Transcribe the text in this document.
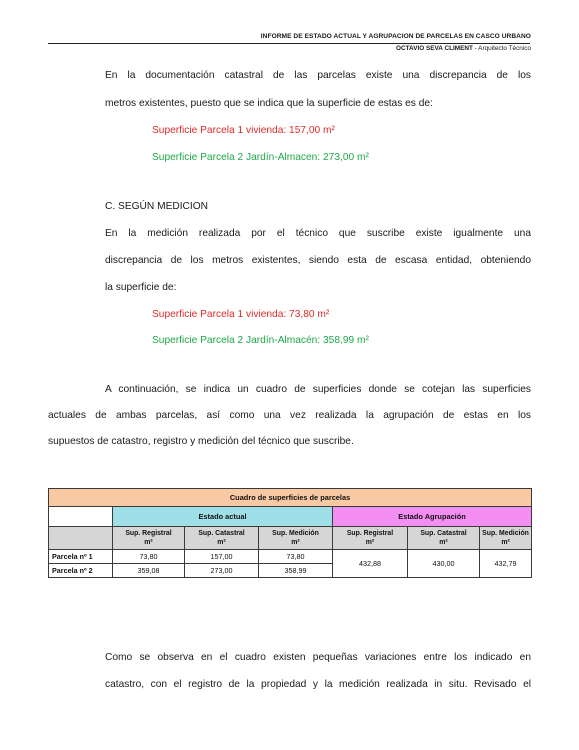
INFORME DE ESTADO ACTUAL Y AGRUPACION DE PARCELAS EN CASCO URBANO
OCTAVIO SEVA CLIMENT - Arquitecto Técnico
En la documentación catastral de las parcelas existe una discrepancia de los
metros existentes, puesto que se indica que la superficie de estas es de:
Superficie Parcela 1 vivienda: 157,00 m²
Superficie Parcela 2 Jardín-Almacen: 273,00 m²
C. SEGÚN MEDICION
En la medición realizada por el técnico que suscribe existe igualmente una
discrepancia de los metros existentes, siendo esta de escasa entidad, obteniendo
la superficie de:
Superficie Parcela 1 vivienda: 73,80 m²
Superficie Parcela 2 Jardín-Almacén: 358,99 m²
A continuación, se indica un cuadro de superficies donde se cotejan las superficies
actuales de ambas parcelas, así como una vez realizada la agrupación de estas en los
supuestos de catastro, registro y medición del técnico que suscribe.
Cuadro de superficies de parcelas						
	Estado actual			Estado Agrupación		
	Sup. Registral
m²	Sup. Catastral
m²	Sup. Medición
m²	Sup. Registral
m²	Sup. Catastral
m²	Sup. Medición
m²
Parcela nº 1	73,80	157,00	73,80	432,88	430,00	432,79
Parcela nº 2	359,08	273,00	358,99			
Como se observa en el cuadro existen pequeñas variaciones entre los indicado en
catastro, con el registro de la propiedad y la medición realizada in situ. Revisado el
